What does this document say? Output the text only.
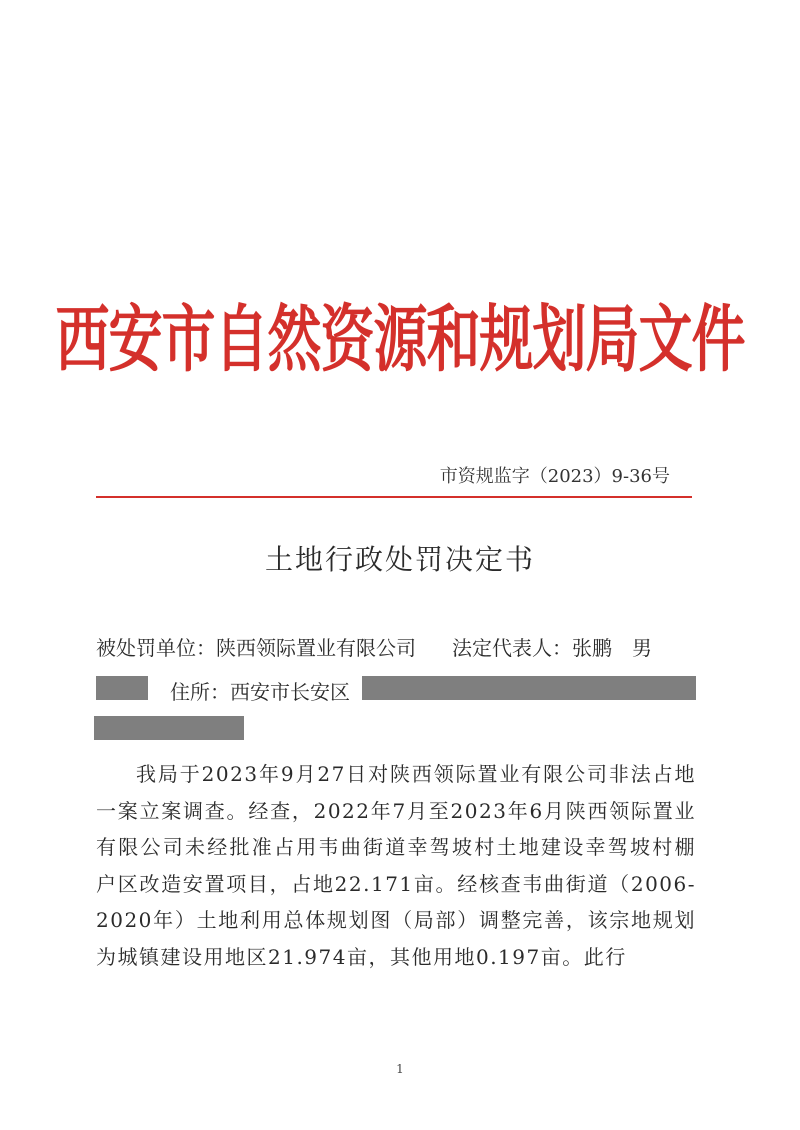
西安市自然资源和规划局文件
市资规监字（2023）9-36号
土地行政处罚决定书
被处罚单位：陕西领际置业有限公司 法定代表人：张鹏 男
住所：西安市长安区
我局于2023年9月27日对陕西领际置业有限公司非法占地一案立案调查。经查，2022年7月至2023年6月陕西领际置业有限公司未经批准占用韦曲街道幸驾坡村土地建设幸驾坡村棚户区改造安置项目，占地22.171亩。经核查韦曲街道（2006-2020年）土地利用总体规划图（局部）调整完善，该宗地规划为城镇建设用地区21.974亩，其他用地0.197亩。此行
1
